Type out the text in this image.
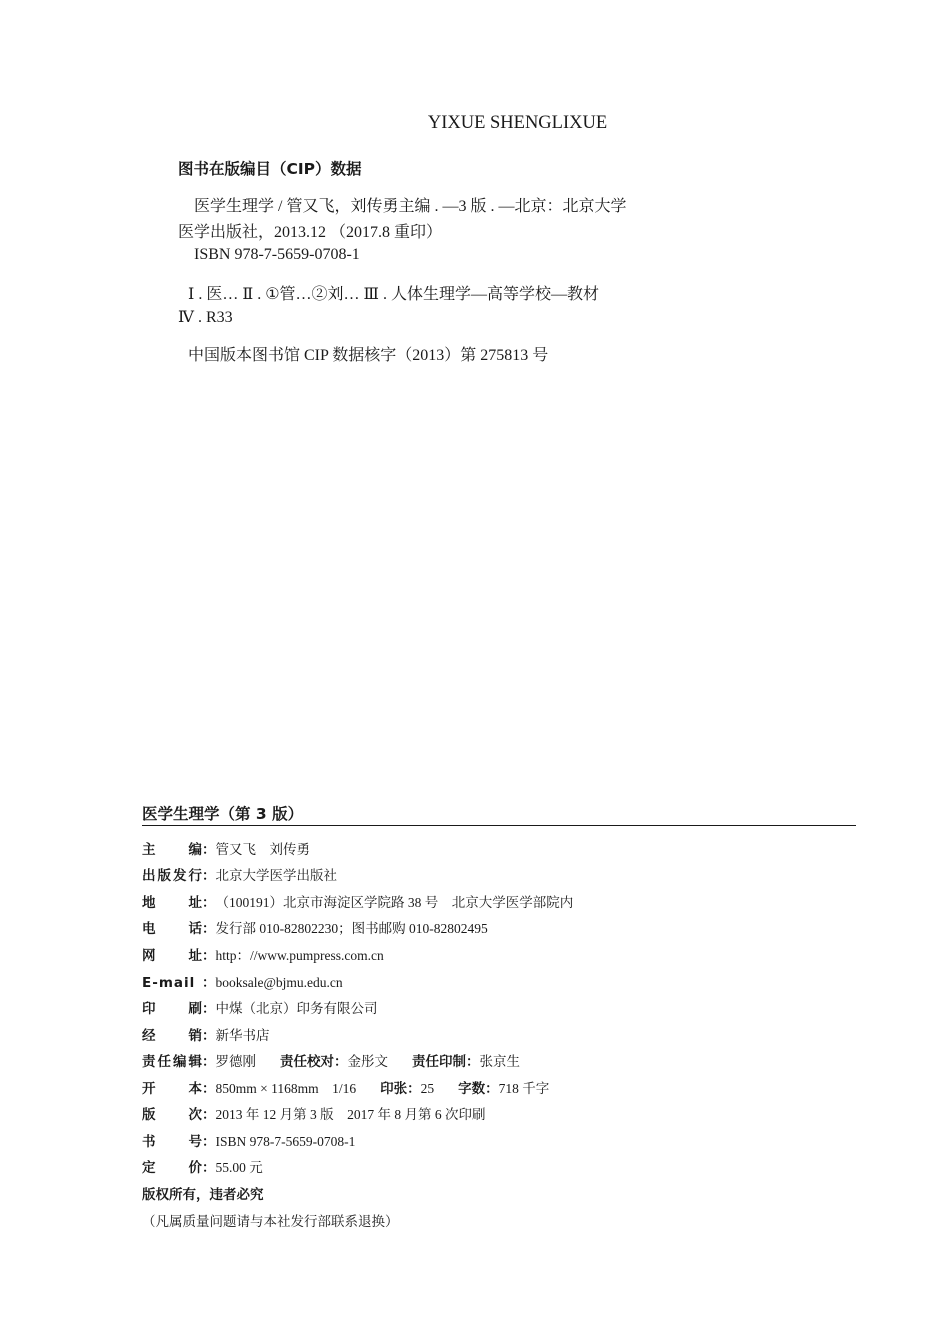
YIXUE SHENGLIXUE
图书在版编目（CIP）数据
医学生理学 / 管又飞，刘传勇主编 . —3 版 . —北京：北京大学
医学出版社，2013.12 （2017.8 重印）
ISBN 978-7-5659-0708-1
Ⅰ . 医… Ⅱ . ①管…②刘… Ⅲ . 人体生理学—高等学校—教材
Ⅳ . R33
中国版本图书馆 CIP 数据核字（2013）第 275813 号
医学生理学（第 3 版）
主编 ： 管又飞　刘传勇
出版发行 ： 北京大学医学出版社
地址 ： （100191）北京市海淀区学院路 38 号　北京大学医学部院内
电话 ： 发行部 010-82802230；图书邮购 010-82802495
网址 ： http：//www.pumpress.com.cn
E-mail ： booksale@bjmu.edu.cn
印刷 ： 中煤（北京）印务有限公司
经销 ： 新华书店
责任编辑 ： 罗德刚 责任校对 ： 金彤文 责任印制 ： 张京生
开本 ： 850mm × 1168mm　1/16 印张 ： 25 字数 ： 718 千字
版次 ： 2013 年 12 月第 3 版　2017 年 8 月第 6 次印刷
书号 ： ISBN 978-7-5659-0708-1
定价 ： 55.00 元
版权所有，违者必究
（凡属质量问题请与本社发行部联系退换）
